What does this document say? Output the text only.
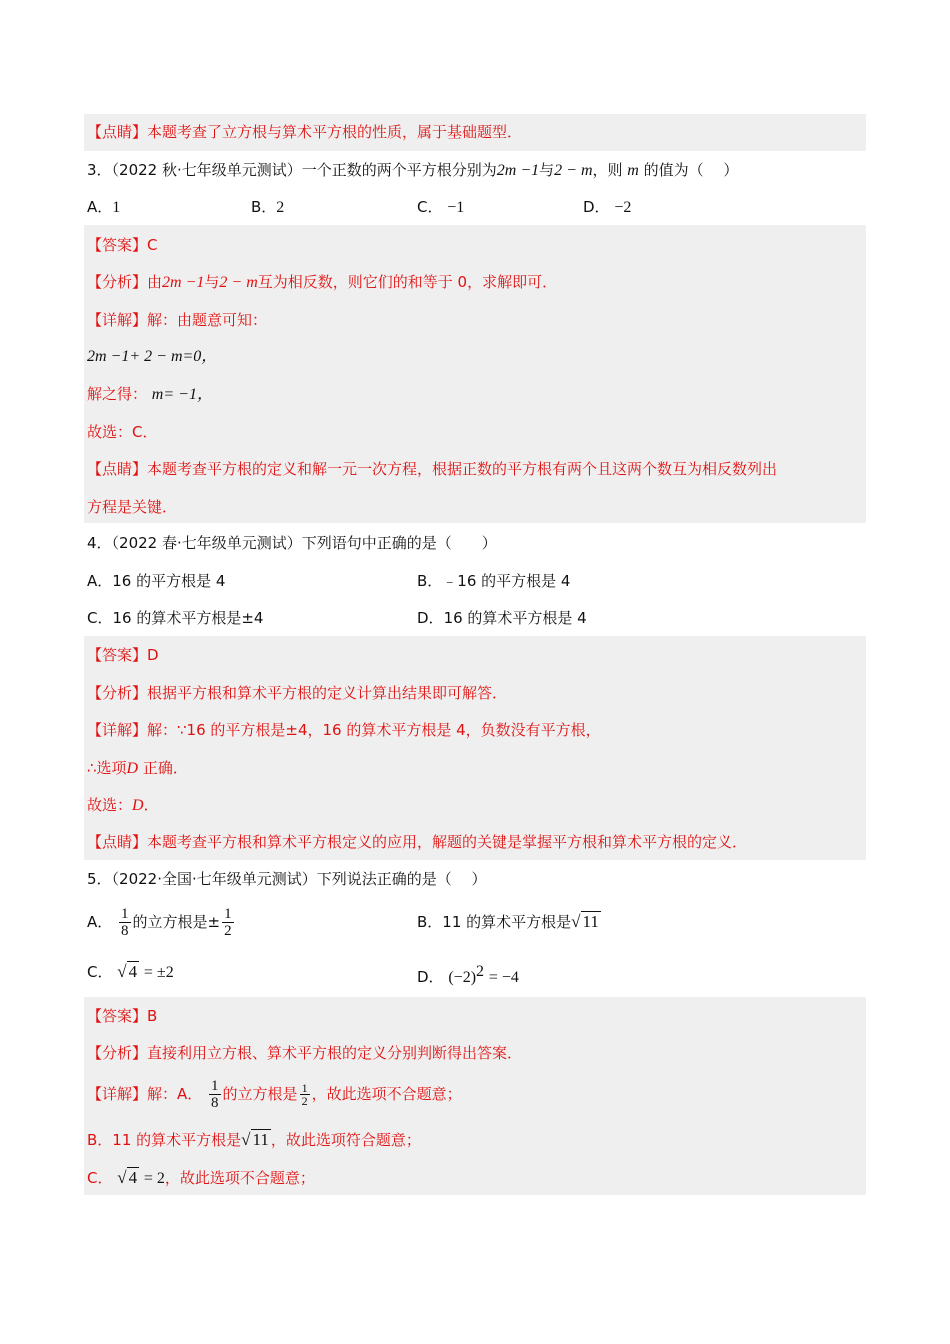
【点睛】本题考查了立方根与算术平方根的性质，属于基础题型．
3．（2022 秋·七年级单元测试）一个正数的两个平方根分别为2m −1与2 − m，则 m 的值为（　 ）
A．1	B．2	C． −1	D． −2
【答案】C
【分析】由2m −1与2 − m互为相反数，则它们的和等于 0，求解即可．
【详解】解：由题意可知：
2m −1+ 2 − m=0，
解之得： m= −1，
故选：C．
【点睛】本题考查平方根的定义和解一元一次方程，根据正数的平方根有两个且这两个数互为相反数列出
方程是关键．
4．（2022 春·七年级单元测试）下列语句中正确的是（　　）
A．16 的平方根是 4	B．﹣16 的平方根是 4
C．16 的算术平方根是±4	D．16 的算术平方根是 4
【答案】D
【分析】根据平方根和算术平方根的定义计算出结果即可解答．
【详解】解：∵16 的平方根是±4，16 的算术平方根是 4，负数没有平方根，
∴选项D 正确．
故选：D．
【点睛】本题考查平方根和算术平方根定义的应用，解题的关键是掌握平方根和算术平方根的定义．
5．（2022·全国·七年级单元测试）下列说法正确的是（　 ）
A． $\frac{1}{8}$ 的立方根是± $\frac{1}{2}$	B．11 的算术平方根是√ 11
C． √ 4 = ±2	D． $(-2)^2 = -4$
【答案】B
【分析】直接利用立方根、算术平方根的定义分别判断得出答案．
【详解】解：A． $\frac{1}{8}$ 的立方根是 $\frac{1}{2}$ ，故此选项不合题意；
B．11 的算术平方根是√ 11 ，故此选项符合题意；
C． √ 4 = 2，故此选项不合题意；
